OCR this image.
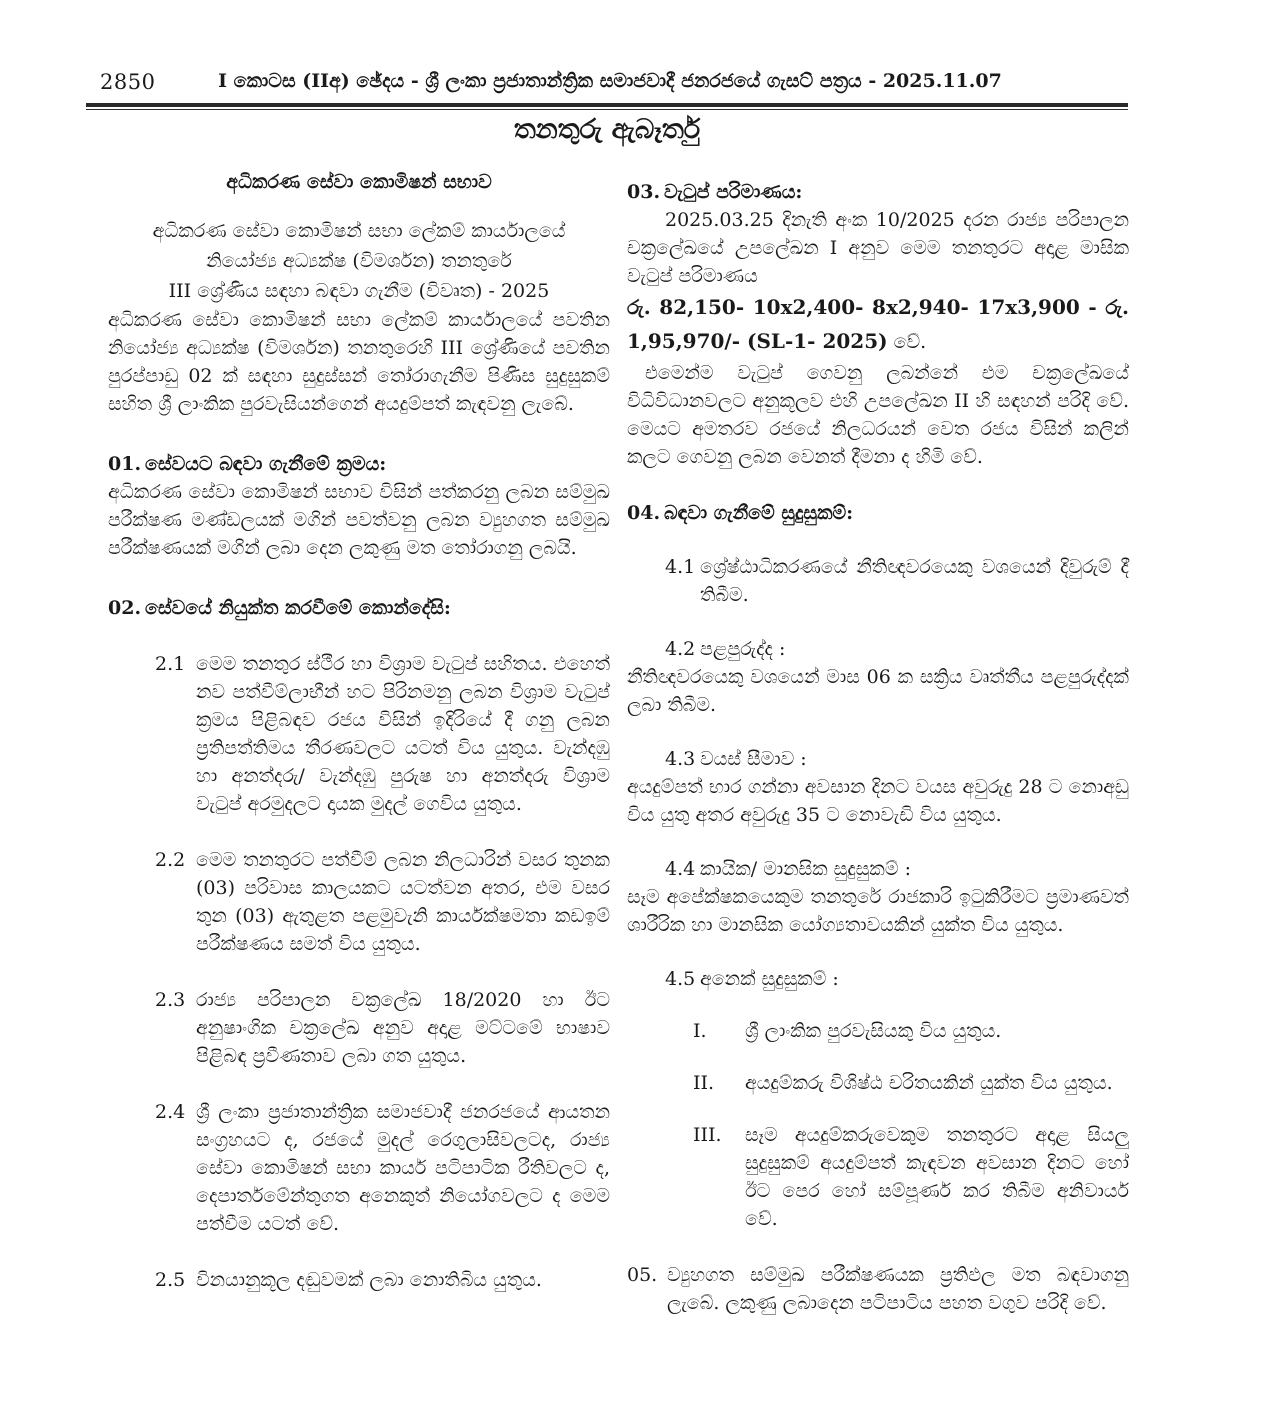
2850	I කොටස (IIඅ) ඡේදය - ශ්‍රී ලංකා ප්‍රජාතාන්ත්‍රික සමාජවාදී ජනරජයේ ගැසට් පත්‍රය - 2025.11.07
තනතුරු ඇබෑර්තු

අධිකරණ සේවා කොමිෂන් සභාව

අධිකරණ සේවා කොමිෂන් සභා ලේකම් කාර්යාලයේ

නියෝජ්‍ය අධ්‍යක්ෂ (විමර්ශන) තනතුරේ

III ශ්‍රේණිය සඳහා බඳවා ගැනීම (විවෘත) - 2025

අධිකරණ සේවා කොමිෂන් සභා ලේකම් කාර්යාලයේ පවතින නියෝජ්‍ය අධ්‍යක්ෂ (විමර්ශන) තනතුරෙහි III ශ්‍රේණියේ පවතින පුරප්පාඩු 02 ක් සඳහා සුදුස්සන් තෝරාගැනීම පිණිස සුදුසුකම් සහිත ශ්‍රී ලාංකික පුරවැසියන්ගෙන් අයදුම්පත් කැඳවනු ලැබේ.

01. සේවයට බඳවා ගැනීමේ ක්‍රමය:

අධිකරණ සේවා කොමිෂන් සභාව විසින් පත්කරනු ලබන සම්මුඛ පරීක්ෂණ මණ්ඩලයක් මගින් පවත්වනු ලබන ව්‍යුහගත සම්මුඛ පරීක්ෂණයක් මගින් ලබා දෙන ලකුණු මත තෝරාගනු ලබයි.

02. සේවයේ නියුක්ත කරවීමේ කොන්දේසි:
2.1 මෙම තනතුර ස්ථීර හා විශ්‍රාම වැටුප් සහිතය. එහෙත් නව පත්වීම්ලාභීන් හට පිරිනමනු ලබන විශ්‍රාම වැටුප් ක්‍රමය පිළිබඳව රජය විසින් ඉදිරියේ දී ගනු ලබන ප්‍රතිපත්තිමය තීරණවලට යටත් විය යුතුය. වැන්දඹු හා අනත්දරු/ වැන්දඹු පුරුෂ හා අනත්දරු විශ්‍රාම වැටුප් අරමුදලට දායක මුදල් ගෙවිය යුතුය.

2.2 මෙම තනතුරට පත්වීම් ලබන නිලධාරින් වසර තුනක (03) පරිවාස කාලයකට යටත්වන අතර, එම වසර තුන (03) ඇතුළත පළමුවැනි කාර්යක්ෂමතා කඩඉම් පරීක්ෂණය සමත් විය යුතුය.

2.3 රාජ්‍ය පරිපාලන චක්‍රලේඛ 18/2020 හා ඊට අනුෂාංගික චක්‍රලේඛ අනුව අදාළ මට්ටමේ භාෂාව පිළිබඳ ප්‍රවීණතාව ලබා ගත යුතුය.

2.4 ශ්‍රී ලංකා ප්‍රජාතාන්ත්‍රික සමාජවාදී ජනරජයේ ආයතන සංග්‍රහයට ද, රජයේ මුදල් රෙගුලාසිවලටද, රාජ්‍ය සේවා කොමිෂන් සභා කාර්ය පටිපාටික රීතිවලට ද, දෙපාර්තමේන්තුගත අනෙකුත් නියෝගවලට ද මෙම පත්වීම යටත් වේ.

2.5 විනයානුකූල දඬුවමක් ලබා නොතිබිය යුතුය.

03. වැටුප් පරිමාණය:

2025.03.25 දිනැති අංක 10/2025 දරන රාජ්‍ය පරිපාලන චක්‍රලේඛයේ උපලේඛන I අනුව මෙම තනතුරට අදාළ මාසික වැටුප් පරිමාණය

රු. 82,150- 10x2,400- 8x2,940- 17x3,900 - රු. 1,95,970/- (SL-1- 2025) වේ.

එමෙන්ම වැටුප් ගෙවනු ලබන්නේ එම චක්‍රලේඛයේ විධිවිධානවලට අනුකූලව එහි උපලේඛන II හි සඳහන් පරිදි වේ. මෙයට අමතරව රජයේ නිලධරයන් වෙත රජය විසින් කලින් කලට ගෙවනු ලබන වෙනත් දීමනා ද හිමි වේ.

04. බඳවා ගැනීමේ සුදුසුකම්:
4.1 ශ්‍රේෂ්ඨාධිකරණයේ නීතිඥවරයෙකු වශයෙන් දිවුරුම් දී තිබීම.

4.2 පළපුරුද්ද :

නීතිඥවරයෙකු වශයෙන් මාස 06 ක සක්‍රිය වෘත්තීය පළපුරුද්දක් ලබා තිබීම.

4.3 වයස් සීමාව :

අයදුම්පත් භාර ගන්නා අවසාන දිනට වයස අවුරුදු 28 ට නොඅඩු විය යුතු අතර අවුරුදු 35 ට නොවැඩි විය යුතුය.

4.4 කායික/ මානසික සුදුසුකම් :

සෑම අපේක්ෂකයෙකුම තනතුරේ රාජකාරි ඉටුකිරීමට ප්‍රමාණවත් ශාරීරික හා මානසික යෝග්‍යතාවයකින් යුක්ත විය යුතුය.

4.5 අනෙක් සුදුසුකම් :

I.	ශ්‍රී ලාංකික පුරවැසියකු විය යුතුය.

II.	අයදුම්කරු විශිෂ්ඨ චරිතයකින් යුක්ත විය යුතුය.

III.	සෑම අයදුම්කරුවෙකුම තනතුරට අදාළ සියලු සුදුසුකම් අයදුම්පත් කැඳවන අවසාන දිනට හෝ ඊට පෙර හෝ සම්පූර්ණ කර තිබීම අනිවාර්ය වේ.

05. ව්‍යුහගත සම්මුඛ පරීක්ෂණයක ප්‍රතිඵල මත බඳවාගනු ලැබේ. ලකුණු ලබාදෙන පටිපාටිය පහත වගුව පරිදි වේ.
